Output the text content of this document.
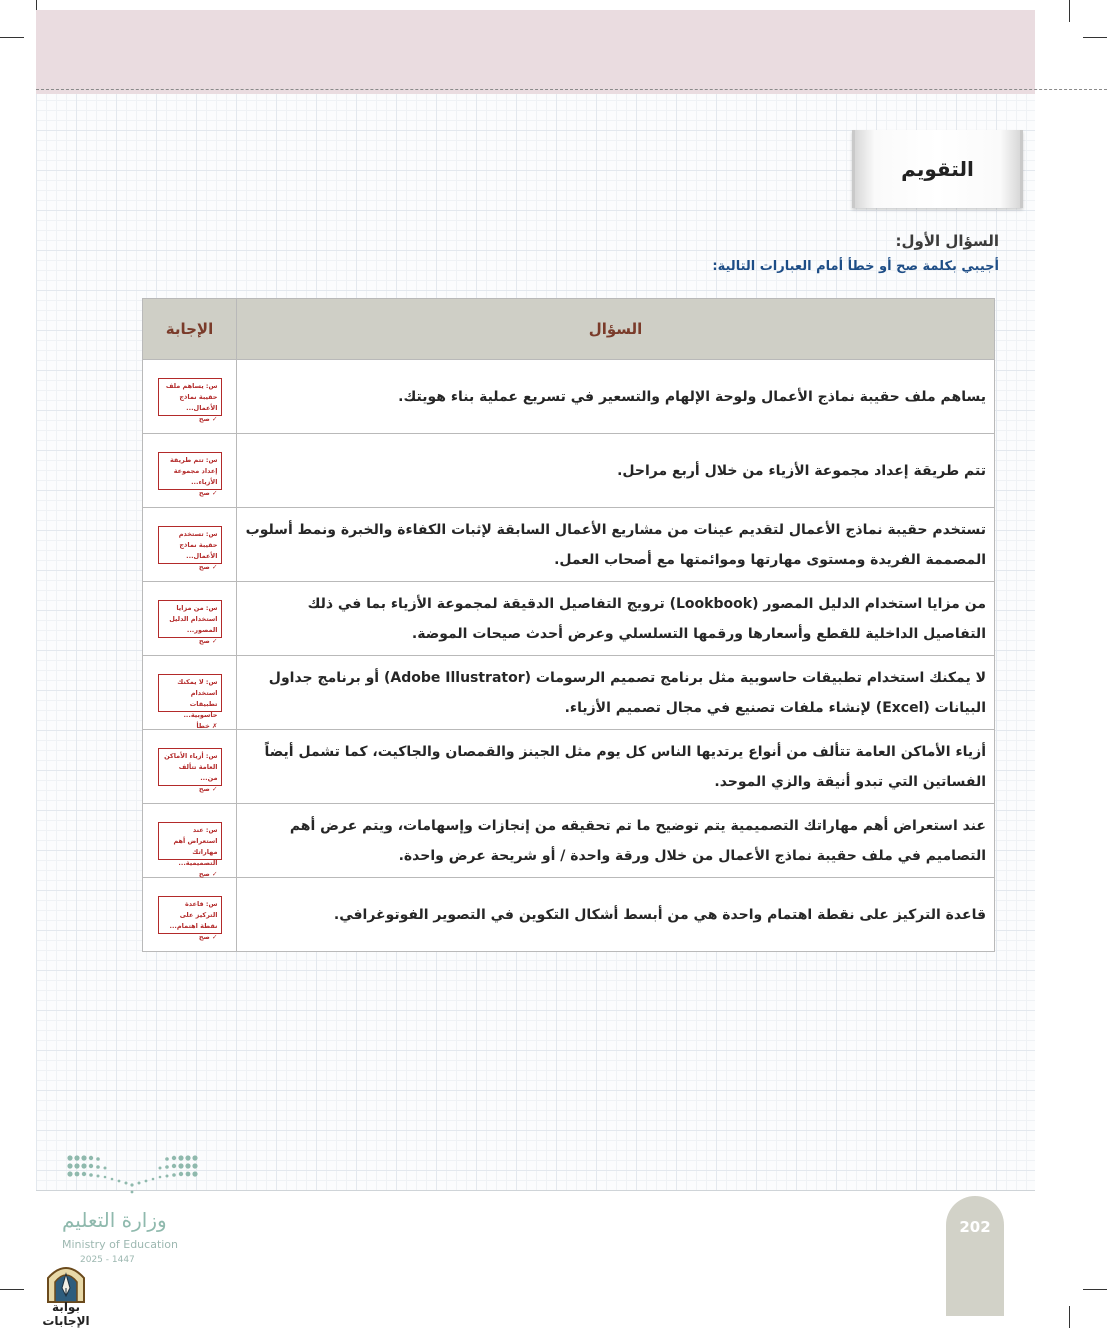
التقويم
السؤال الأول:
أجيبي بكلمة صح أو خطأ أمام العبارات التالية:
السؤال	الإجابة
يساهم ملف حقيبة نماذج الأعمال ولوحة الإلهام والتسعير في تسريع عملية بناء هويتك.	س: يساهم ملف حقيبة نماذج الأعمال...
✓ صح

تتم طريقة إعداد مجموعة الأزياء من خلال أربع مراحل.	س: تتم طريقة إعداد مجموعة الأزياء...
✓ صح

تستخدم حقيبة نماذج الأعمال لتقديم عينات من مشاريع الأعمال السابقة لإثبات الكفاءة والخبرة ونمط أسلوب المصممة الفريدة ومستوى مهارتها وموائمتها مع أصحاب العمل.	س: تستخدم حقيبة نماذج الأعمال...
✓ صح

من مزايا استخدام الدليل المصور (Lookbook) ترويج التفاصيل الدقيقة لمجموعة الأزياء بما في ذلك التفاصيل الداخلية للقطع وأسعارها ورقمها التسلسلي وعرض أحدث صيحات الموضة.	س: من مزايا استخدام الدليل المصور...
✓ صح

لا يمكنك استخدام تطبيقات حاسوبية مثل برنامج تصميم الرسومات (Adobe Illustrator) أو برنامج جداول البيانات (Excel) لإنشاء ملفات تصنيع في مجال تصميم الأزياء.	س: لا يمكنك استخدام تطبيقات حاسوبية...
✗ خطأ

أزياء الأماكن العامة تتألف من أنواع يرتديها الناس كل يوم مثل الجينز والقمصان والجاكيت، كما تشمل أيضاً الفساتين التي تبدو أنيقة والزي الموحد.	س: أزياء الأماكن العامة تتألف من...
✓ صح

عند استعراض أهم مهاراتك التصميمية يتم توضيح ما تم تحقيقه من إنجازات وإسهامات، ويتم عرض أهم التصاميم في ملف حقيبة نماذج الأعمال من خلال ورقة واحدة / أو شريحة عرض واحدة.	س: عند استعراض أهم مهاراتك التصميمية...
✓ صح

قاعدة التركيز على نقطة اهتمام واحدة هي من أبسط أشكال التكوين في التصوير الفوتوغرافي.	س: قاعدة التركيز على نقطة اهتمام...
✓ صح
وزارة التعليم
Ministry of Education
2025 - 1447
202
بوابة الإجابات
